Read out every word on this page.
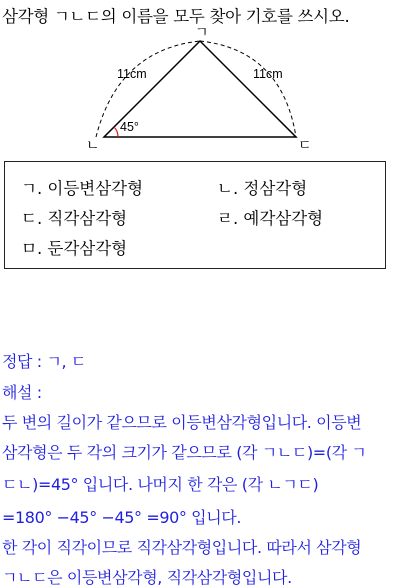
삼각형 ㄱㄴㄷ의 이름을 모두 찾아 기호를 쓰시오.
ㄱ
ㄴ	ㄷ
11cm	11cm
45°
ㄱ. 이등변삼각형	ㄴ. 정삼각형
ㄷ. 직각삼각형	ㄹ. 예각삼각형
ㅁ. 둔각삼각형
정답 : ㄱ, ㄷ
해설 :
두 변의 길이가 같으므로 이등변삼각형입니다. 이등변
삼각형은 두 각의 크기가 같으므로 (각 ㄱㄴㄷ)=(각 ㄱ
ㄷㄴ)=45° 입니다. 나머지 한 각은 (각 ㄴㄱㄷ)
=180° −45° −45° =90° 입니다.
한 각이 직각이므로 직각삼각형입니다. 따라서 삼각형
ㄱㄴㄷ은 이등변삼각형, 직각삼각형입니다.
